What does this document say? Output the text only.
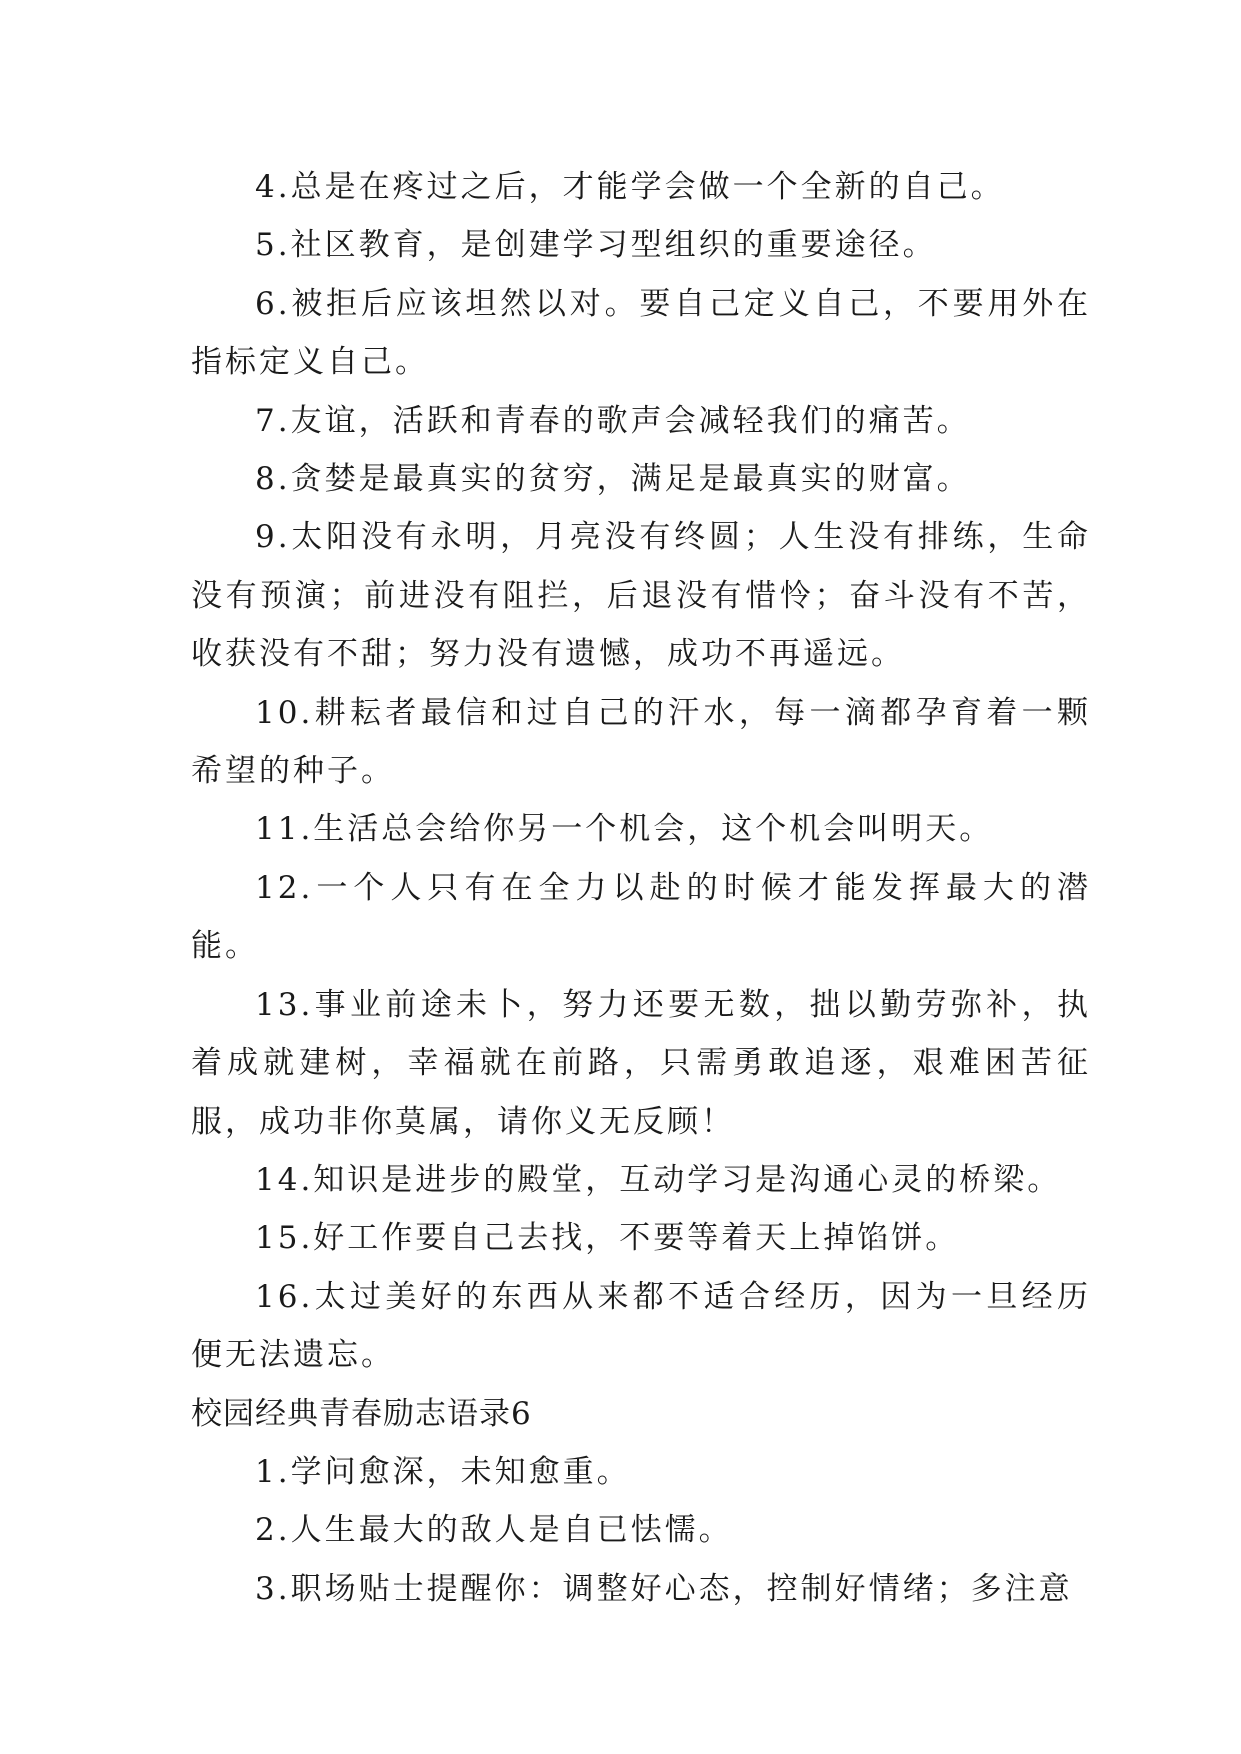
4.总是在疼过之后，才能学会做一个全新的自己。

5.社区教育，是创建学习型组织的重要途径。

6.被拒后应该坦然以对。要自己定义自己，不要用外在指标定义自己。

7.友谊，活跃和青春的歌声会减轻我们的痛苦。

8.贪婪是最真实的贫穷，满足是最真实的财富。

9.太阳没有永明，月亮没有终圆；人生没有排练，生命没有预演；前进没有阻拦，后退没有惜怜；奋斗没有不苦，收获没有不甜；努力没有遗憾，成功不再遥远。

10.耕耘者最信和过自己的汗水，每一滴都孕育着一颗希望的种子。

11.生活总会给你另一个机会，这个机会叫明天。

12.一个人只有在全力以赴的时候才能发挥最大的潜能。

13.事业前途未卜，努力还要无数，拙以勤劳弥补，执着成就建树，幸福就在前路，只需勇敢追逐，艰难困苦征服，成功非你莫属，请你义无反顾！

14.知识是进步的殿堂，互动学习是沟通心灵的桥梁。

15.好工作要自己去找，不要等着天上掉馅饼。

16.太过美好的东西从来都不适合经历，因为一旦经历便无法遗忘。

校园经典青春励志语录6

1.学问愈深，未知愈重。

2.人生最大的敌人是自已怯懦。

3.职场贴士提醒你：调整好心态，控制好情绪；多注意
